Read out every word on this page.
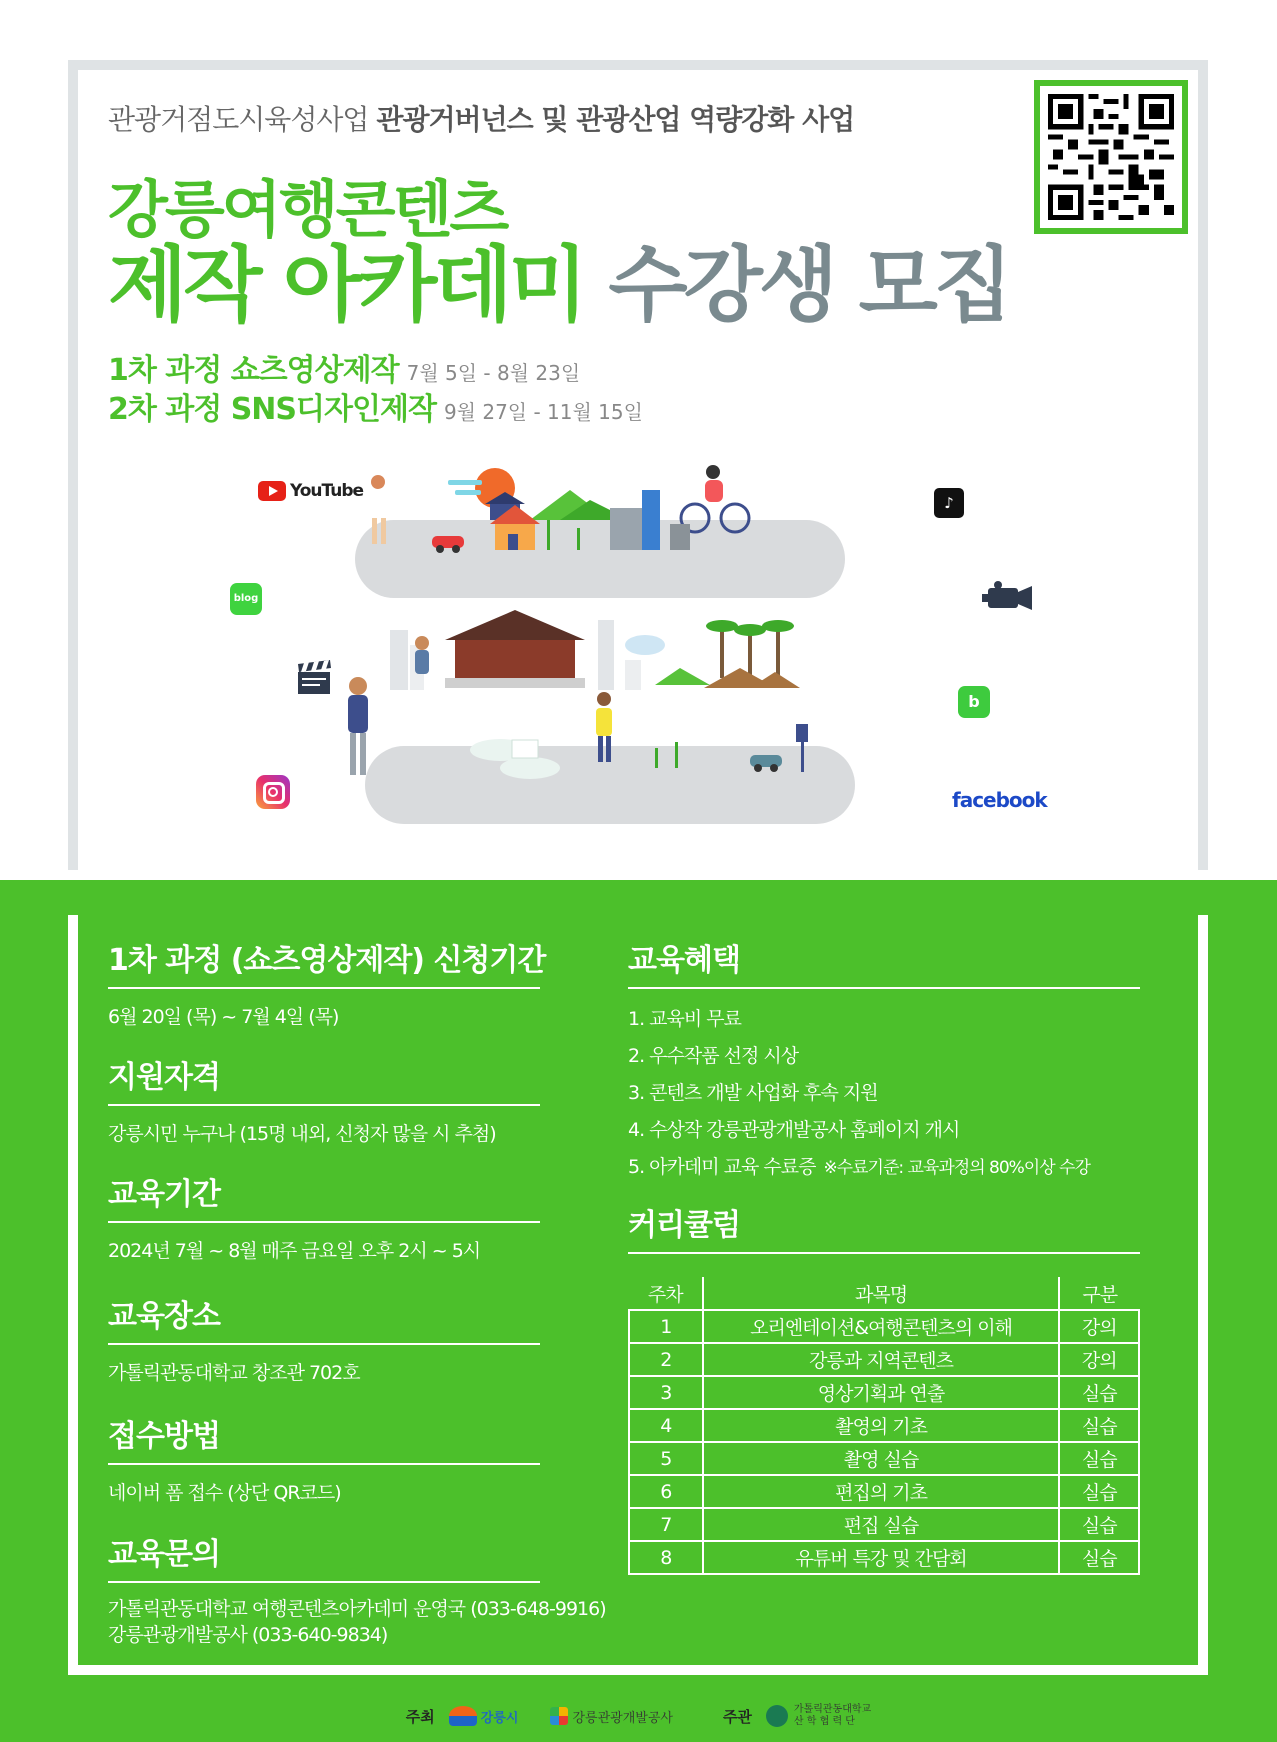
관광거점도시육성사업 관광거버넌스 및 관광산업 역량강화 사업
강릉여행콘텐츠
제작 아카데미 수강생 모집
1차 과정 쇼츠영상제작 7월 5일 - 8월 23일
2차 과정 SNS디자인제작 9월 27일 - 11월 15일
YouTube
♪
blog
b
facebook
1차 과정 (쇼츠영상제작) 신청기간
6월 20일 (목) ~ 7월 4일 (목)
지원자격
강릉시민 누구나 (15명 내외, 신청자 많을 시 추첨)
교육기간
2024년 7월 ~ 8월 매주 금요일 오후 2시 ~ 5시
교육장소
가톨릭관동대학교 창조관 702호
접수방법
네이버 폼 접수 (상단 QR코드)
교육문의
가톨릭관동대학교 여행콘텐츠아카데미 운영국 (033-648-9916)
강릉관광개발공사 (033-640-9834)
교육혜택
1. 교육비 무료
2. 우수작품 선정 시상
3. 콘텐츠 개발 사업화 후속 지원
4. 수상작 강릉관광개발공사 홈페이지 개시
5. 아카데미 교육 수료증 ※수료기준: 교육과정의 80%이상 수강
커리큘럼
주차	과목명	구분
1	오리엔테이션&여행콘텐츠의 이해	강의
2	강릉과 지역콘텐츠	강의
3	영상기획과 연출	실습
4	촬영의 기초	실습
5	촬영 실습	실습
6	편집의 기초	실습
7	편집 실습	실습
8	유튜버 특강 및 간담회	실습
주최	강릉시	강릉관광개발공사	주관	가톨릭관동대학교
산 학 협 력 단
